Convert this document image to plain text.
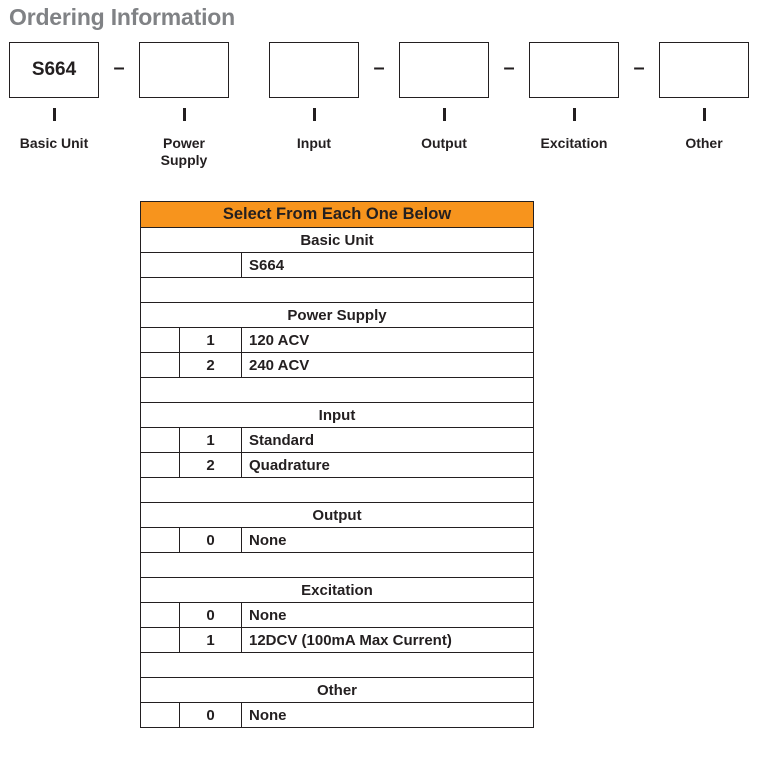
Ordering Information
S664	–	–	–	–
Basic Unit	Power
Supply
Input	Output	Excitation	Other
Select From Each One Below		
Basic Unit		
		S664

Power Supply		
	1	120 ACV
	2	240 ACV

Input		
	1	Standard
	2	Quadrature

Output		
	0	None

Excitation		
	0	None
	1	12DCV (100mA Max Current)

Other		
	0	None
